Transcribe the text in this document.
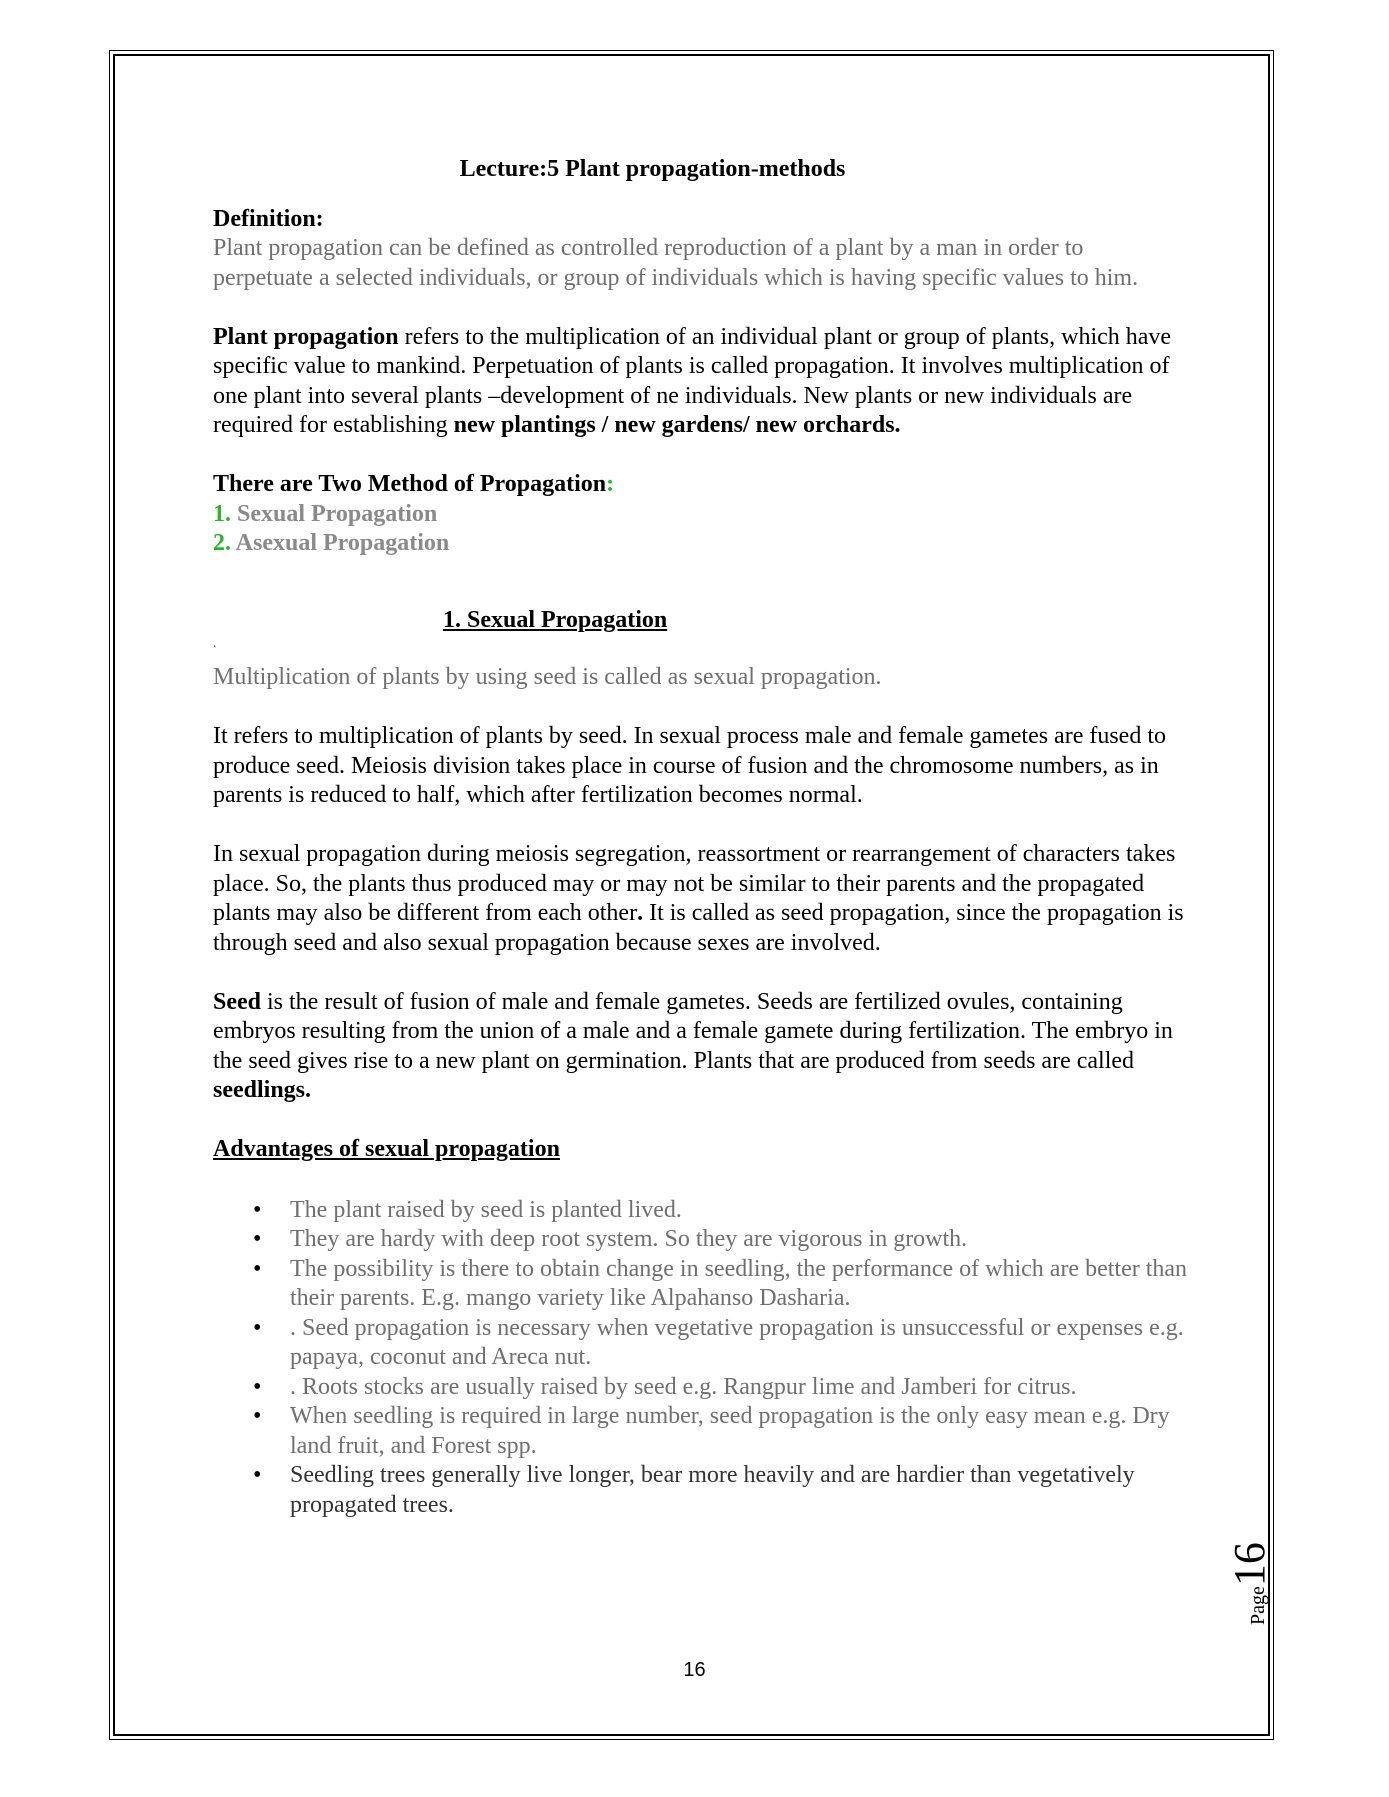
Lecture:5 Plant propagation-methods
Definition:

Plant propagation can be defined as controlled reproduction of a plant by a man in order to perpetuate a selected individuals, or group of individuals which is having specific values to him.

Plant propagation refers to the multiplication of an individual plant or group of plants, which have specific value to mankind. Perpetuation of plants is called propagation. It involves multiplication of one plant into several plants –development of ne individuals. New plants or new individuals are required for establishing new plantings / new gardens/ new orchards.

There are Two Method of Propagation:
1. Sexual Propagation
2. Asexual Propagation
1. Sexual Propagation
.

Multiplication of plants by using seed is called as sexual propagation.

It refers to multiplication of plants by seed. In sexual process male and female gametes are fused to produce seed. Meiosis division takes place in course of fusion and the chromosome numbers, as in parents is reduced to half, which after fertilization becomes normal.

In sexual propagation during meiosis segregation, reassortment or rearrangement of characters takes place. So, the plants thus produced may or may not be similar to their parents and the propagated plants may also be different from each other. It is called as seed propagation, since the propagation is through seed and also sexual propagation because sexes are involved.

Seed is the result of fusion of male and female gametes. Seeds are fertilized ovules, containing embryos resulting from the union of a male and a female gamete during fertilization. The embryo in the seed gives rise to a new plant on germination. Plants that are produced from seeds are called seedlings.

Advantages of sexual propagation
• The plant raised by seed is planted lived.
• They are hardy with deep root system. So they are vigorous in growth.
• The possibility is there to obtain change in seedling, the performance of which are better than their parents. E.g. mango variety like Alpahanso Dasharia.
• . Seed propagation is necessary when vegetative propagation is unsuccessful or expenses e.g. papaya, coconut and Areca nut.
• . Roots stocks are usually raised by seed e.g. Rangpur lime and Jamberi for citrus.
• When seedling is required in large number, seed propagation is the only easy mean e.g. Dry land fruit, and Forest spp.
• Seedling trees generally live longer, bear more heavily and are hardier than vegetatively propagated trees.
16
Page16
